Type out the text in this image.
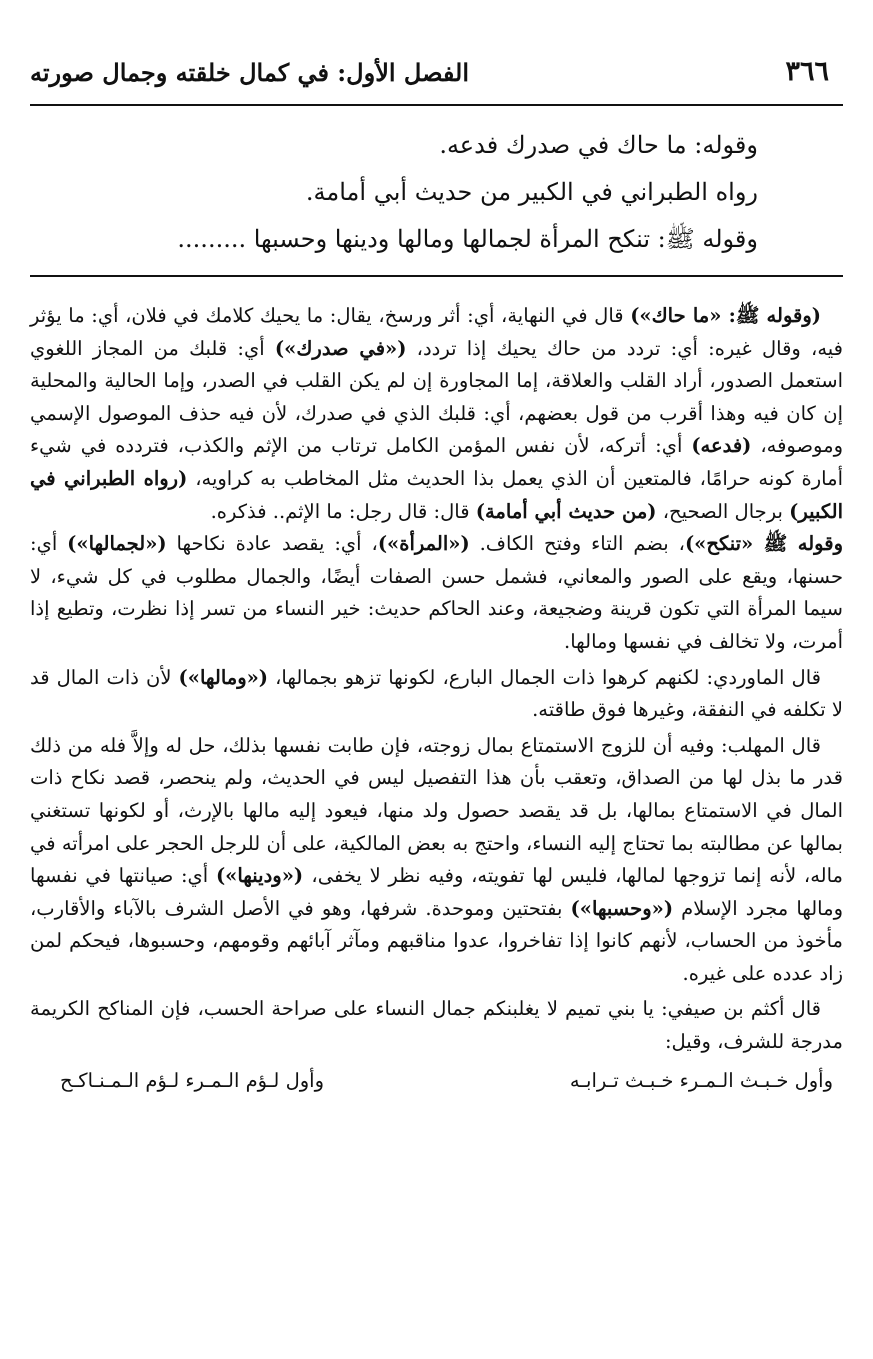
٣٦٦
الفصل الأول: في كمال خلقته وجمال صورته
وقوله: ما حاك في صدرك فدعه.
رواه الطبراني في الكبير من حديث أبي أمامة.
وقوله ﷺ: تنكح المرأة لجمالها ومالها ودينها وحسبها .........

(وقوله ﷺ: «ما حاك») قال في النهاية، أي: أثر ورسخ، يقال: ما يحيك كلامك في فلان، أي: ما يؤثر فيه، وقال غيره: أي: تردد من حاك يحيك إذا تردد، («في صدرك») أي: قلبك من المجاز اللغوي استعمل الصدور، أراد القلب والعلاقة، إما المجاورة إن لم يكن القلب في الصدر، وإما الحالية والمحلية إن كان فيه وهذا أقرب من قول بعضهم، أي: قلبك الذي في صدرك، لأن فيه حذف الموصول الإسمي وموصوفه، (فدعه) أي: أتركه، لأن نفس المؤمن الكامل ترتاب من الإثم والكذب، فتردده في شيء أمارة كونه حرامًا، فالمتعين أن الذي يعمل بذا الحديث مثل المخاطب به كراويه، (رواه الطبراني في الكبير) برجال الصحيح، (من حديث أبي أمامة) قال: قال رجل: ما الإثم.. فذكره.

وقوله ﷺ «تنكح»)، بضم التاء وفتح الكاف. («المرأة»)، أي: يقصد عادة نكاحها («لجمالها») أي: حسنها، ويقع على الصور والمعاني، فشمل حسن الصفات أيضًا، والجمال مطلوب في كل شيء، لا سيما المرأة التي تكون قرينة وضجيعة، وعند الحاكم حديث: خير النساء من تسر إذا نظرت، وتطيع إذا أمرت، ولا تخالف في نفسها ومالها.

قال الماوردي: لكنهم كرهوا ذات الجمال البارع، لكونها تزهو بجمالها، («ومالها») لأن ذات المال قد لا تكلفه في النفقة، وغيرها فوق طاقته.

قال المهلب: وفيه أن للزوج الاستمتاع بمال زوجته، فإن طابت نفسها بذلك، حل له وإلاَّ فله من ذلك قدر ما بذل لها من الصداق، وتعقب بأن هذا التفصيل ليس في الحديث، ولم ينحصر، قصد نكاح ذات المال في الاستمتاع بمالها، بل قد يقصد حصول ولد منها، فيعود إليه مالها بالإرث، أو لكونها تستغني بمالها عن مطالبته بما تحتاج إليه النساء، واحتج به بعض المالكية، على أن للرجل الحجر على امرأته في ماله، لأنه إنما تزوجها لمالها، فليس لها تفويته، وفيه نظر لا يخفى، («ودينها») أي: صيانتها في نفسها ومالها مجرد الإسلام («وحسبها») بفتحتين وموحدة. شرفها، وهو في الأصل الشرف بالآباء والأقارب، مأخوذ من الحساب، لأنهم كانوا إذا تفاخروا، عدوا مناقبهم ومآثر آبائهم وقومهم، وحسبوها، فيحكم لمن زاد عدده على غيره.

قال أكثم بن صيفي: يا بني تميم لا يغلبنكم جمال النساء على صراحة الحسب، فإن المناكح الكريمة مدرجة للشرف، وقيل:

وأول خـبـث الـمـرء خـبـث تـرابـه
وأول لـؤم الـمـرء لـؤم الـمـنـاكـح
